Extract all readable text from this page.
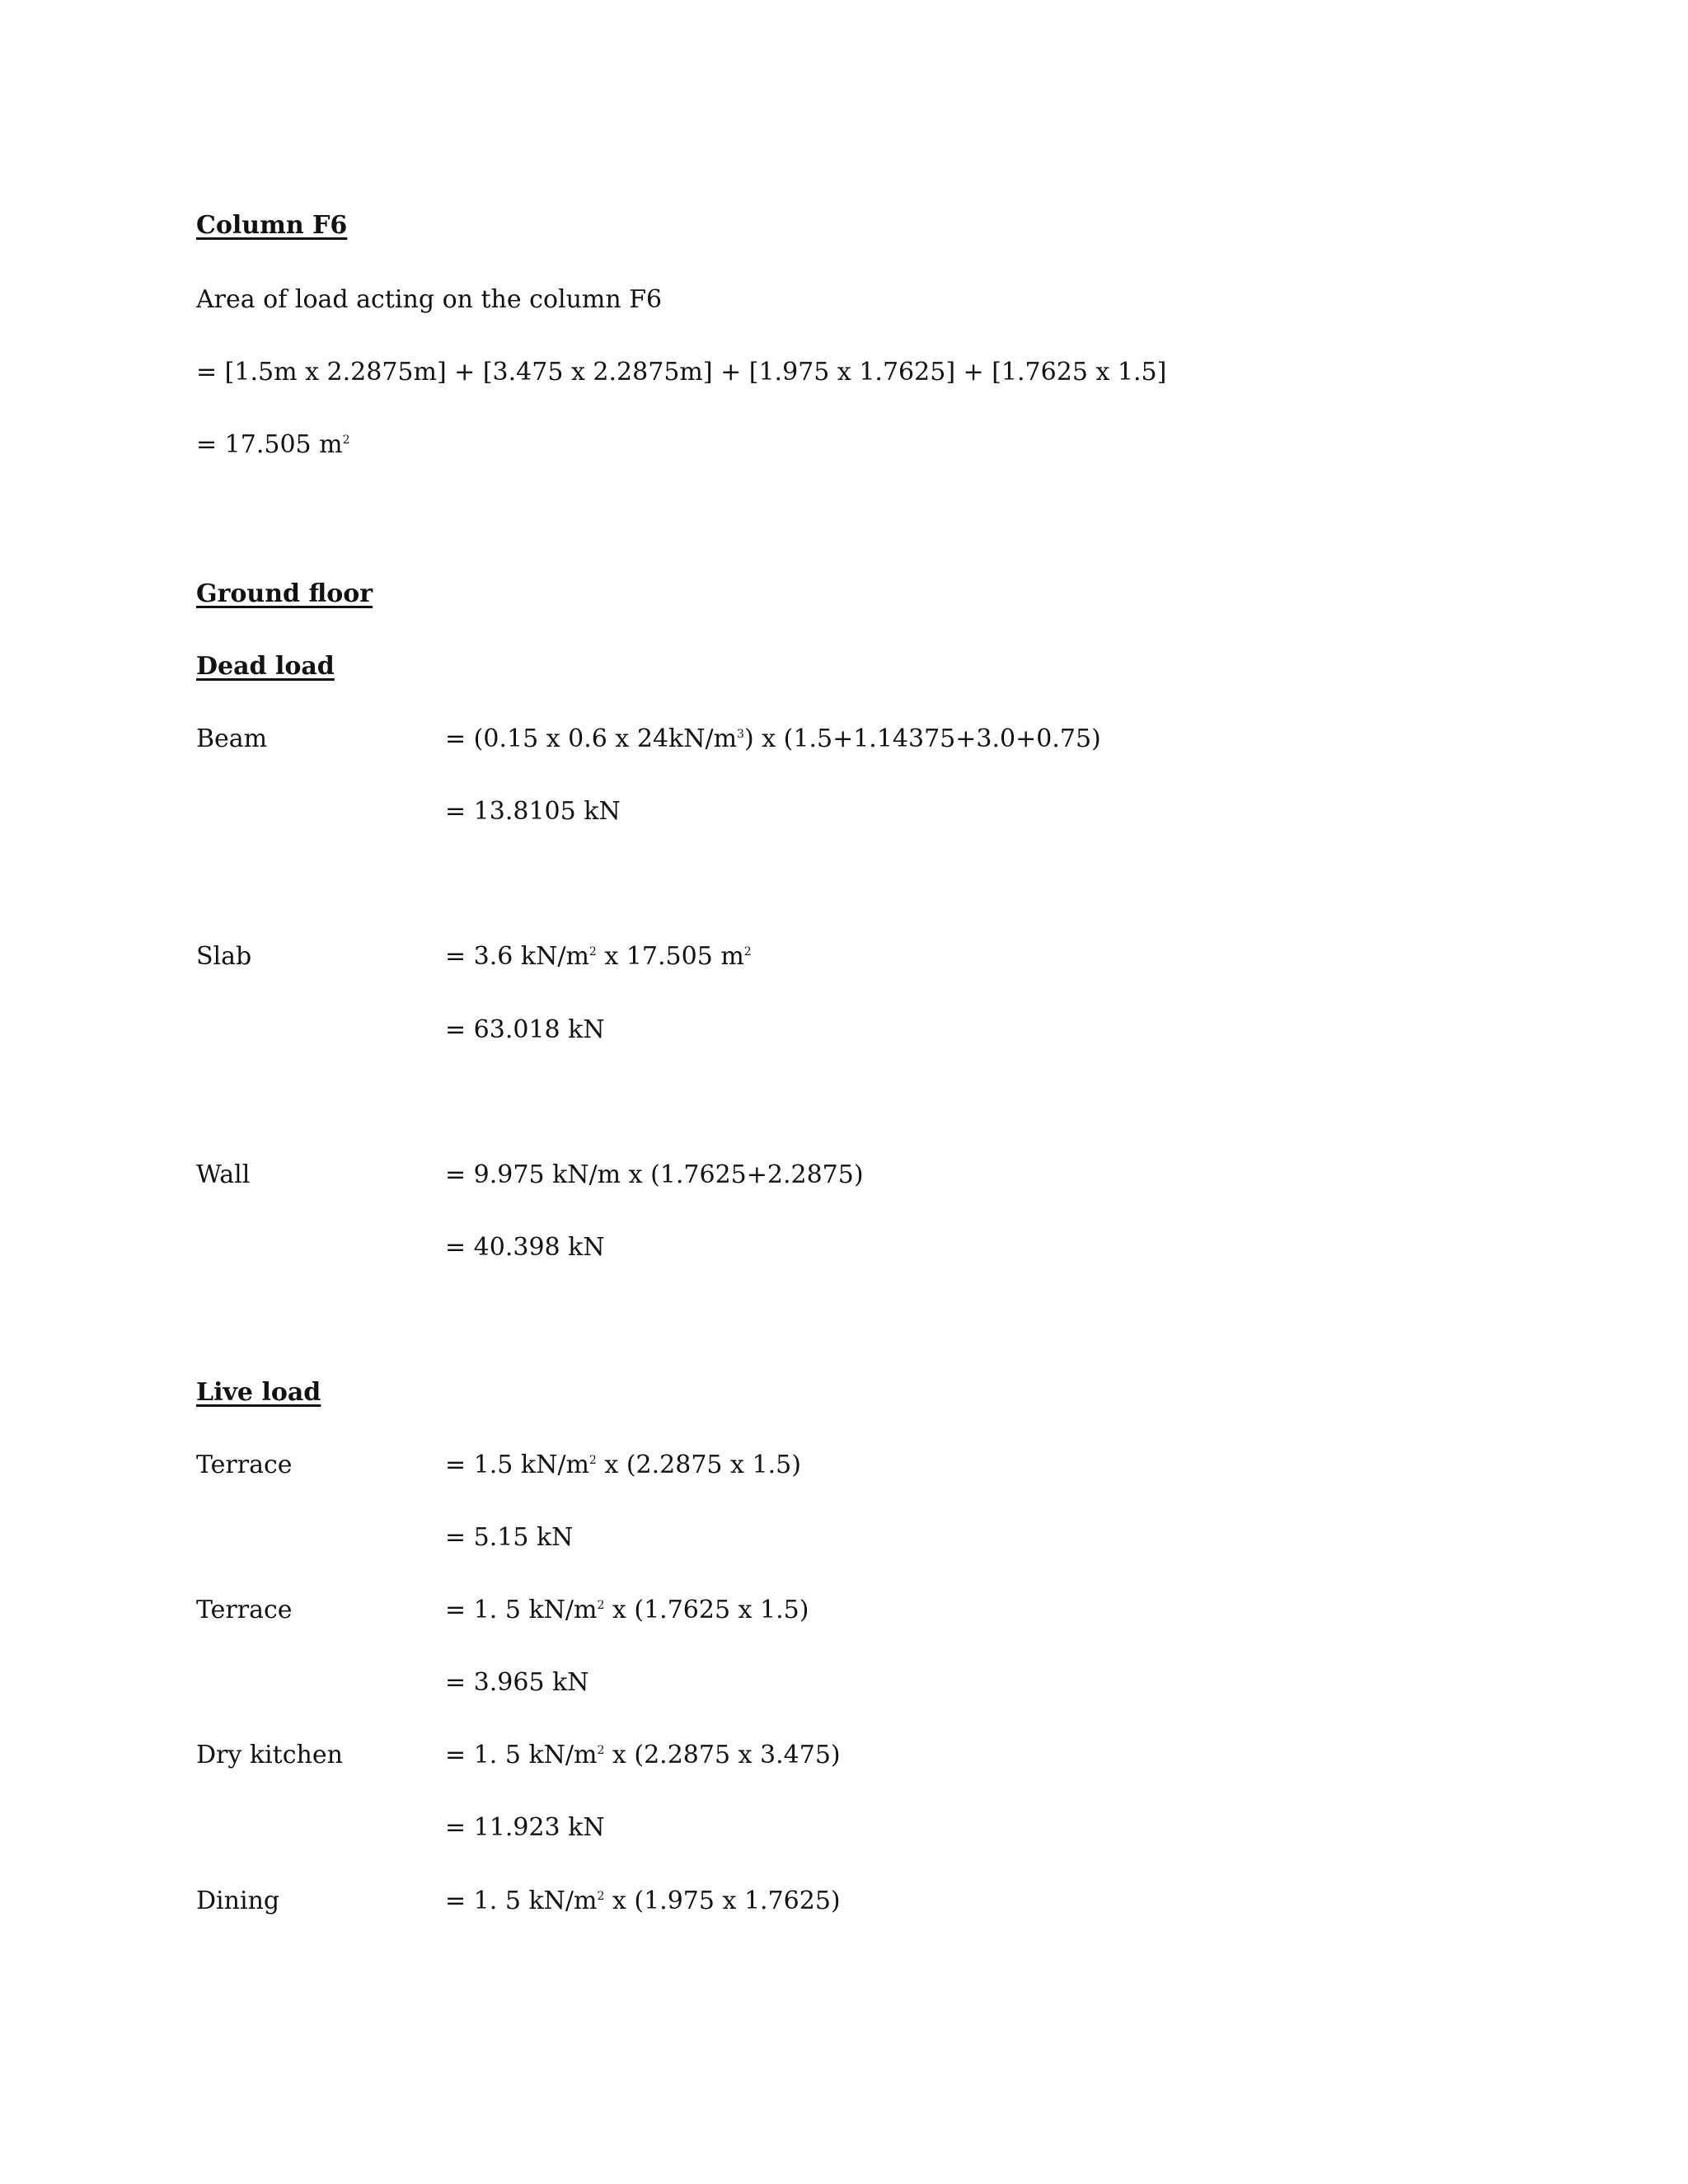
Column F6
Area of load acting on the column F6
= [1.5m x 2.2875m] + [3.475 x 2.2875m] + [1.975 x 1.7625] + [1.7625 x 1.5]
= 17.505 $m^2$
Ground floor
Dead load
Beam	= (0.15 x 0.6 x $24kN/m^3$) x (1.5+1.14375+3.0+0.75)
= 13.8105 kN
Slab	= 3.6 $kN/m^2$ x 17.505 $m^2$
= 63.018 kN
Wall	= 9.975 kN/m x (1.7625+2.2875)
= 40.398 kN
Live load
Terrace	= 1.5 $kN/m^2$ x (2.2875 x 1.5)
= 5.15 kN
Terrace	= 1. 5 $kN/m^2$ x (1.7625 x 1.5)
= 3.965 kN
Dry kitchen	= 1. 5 $kN/m^2$ x (2.2875 x 3.475)
= 11.923 kN
Dining	= 1. 5 $kN/m^2$ x (1.975 x 1.7625)
